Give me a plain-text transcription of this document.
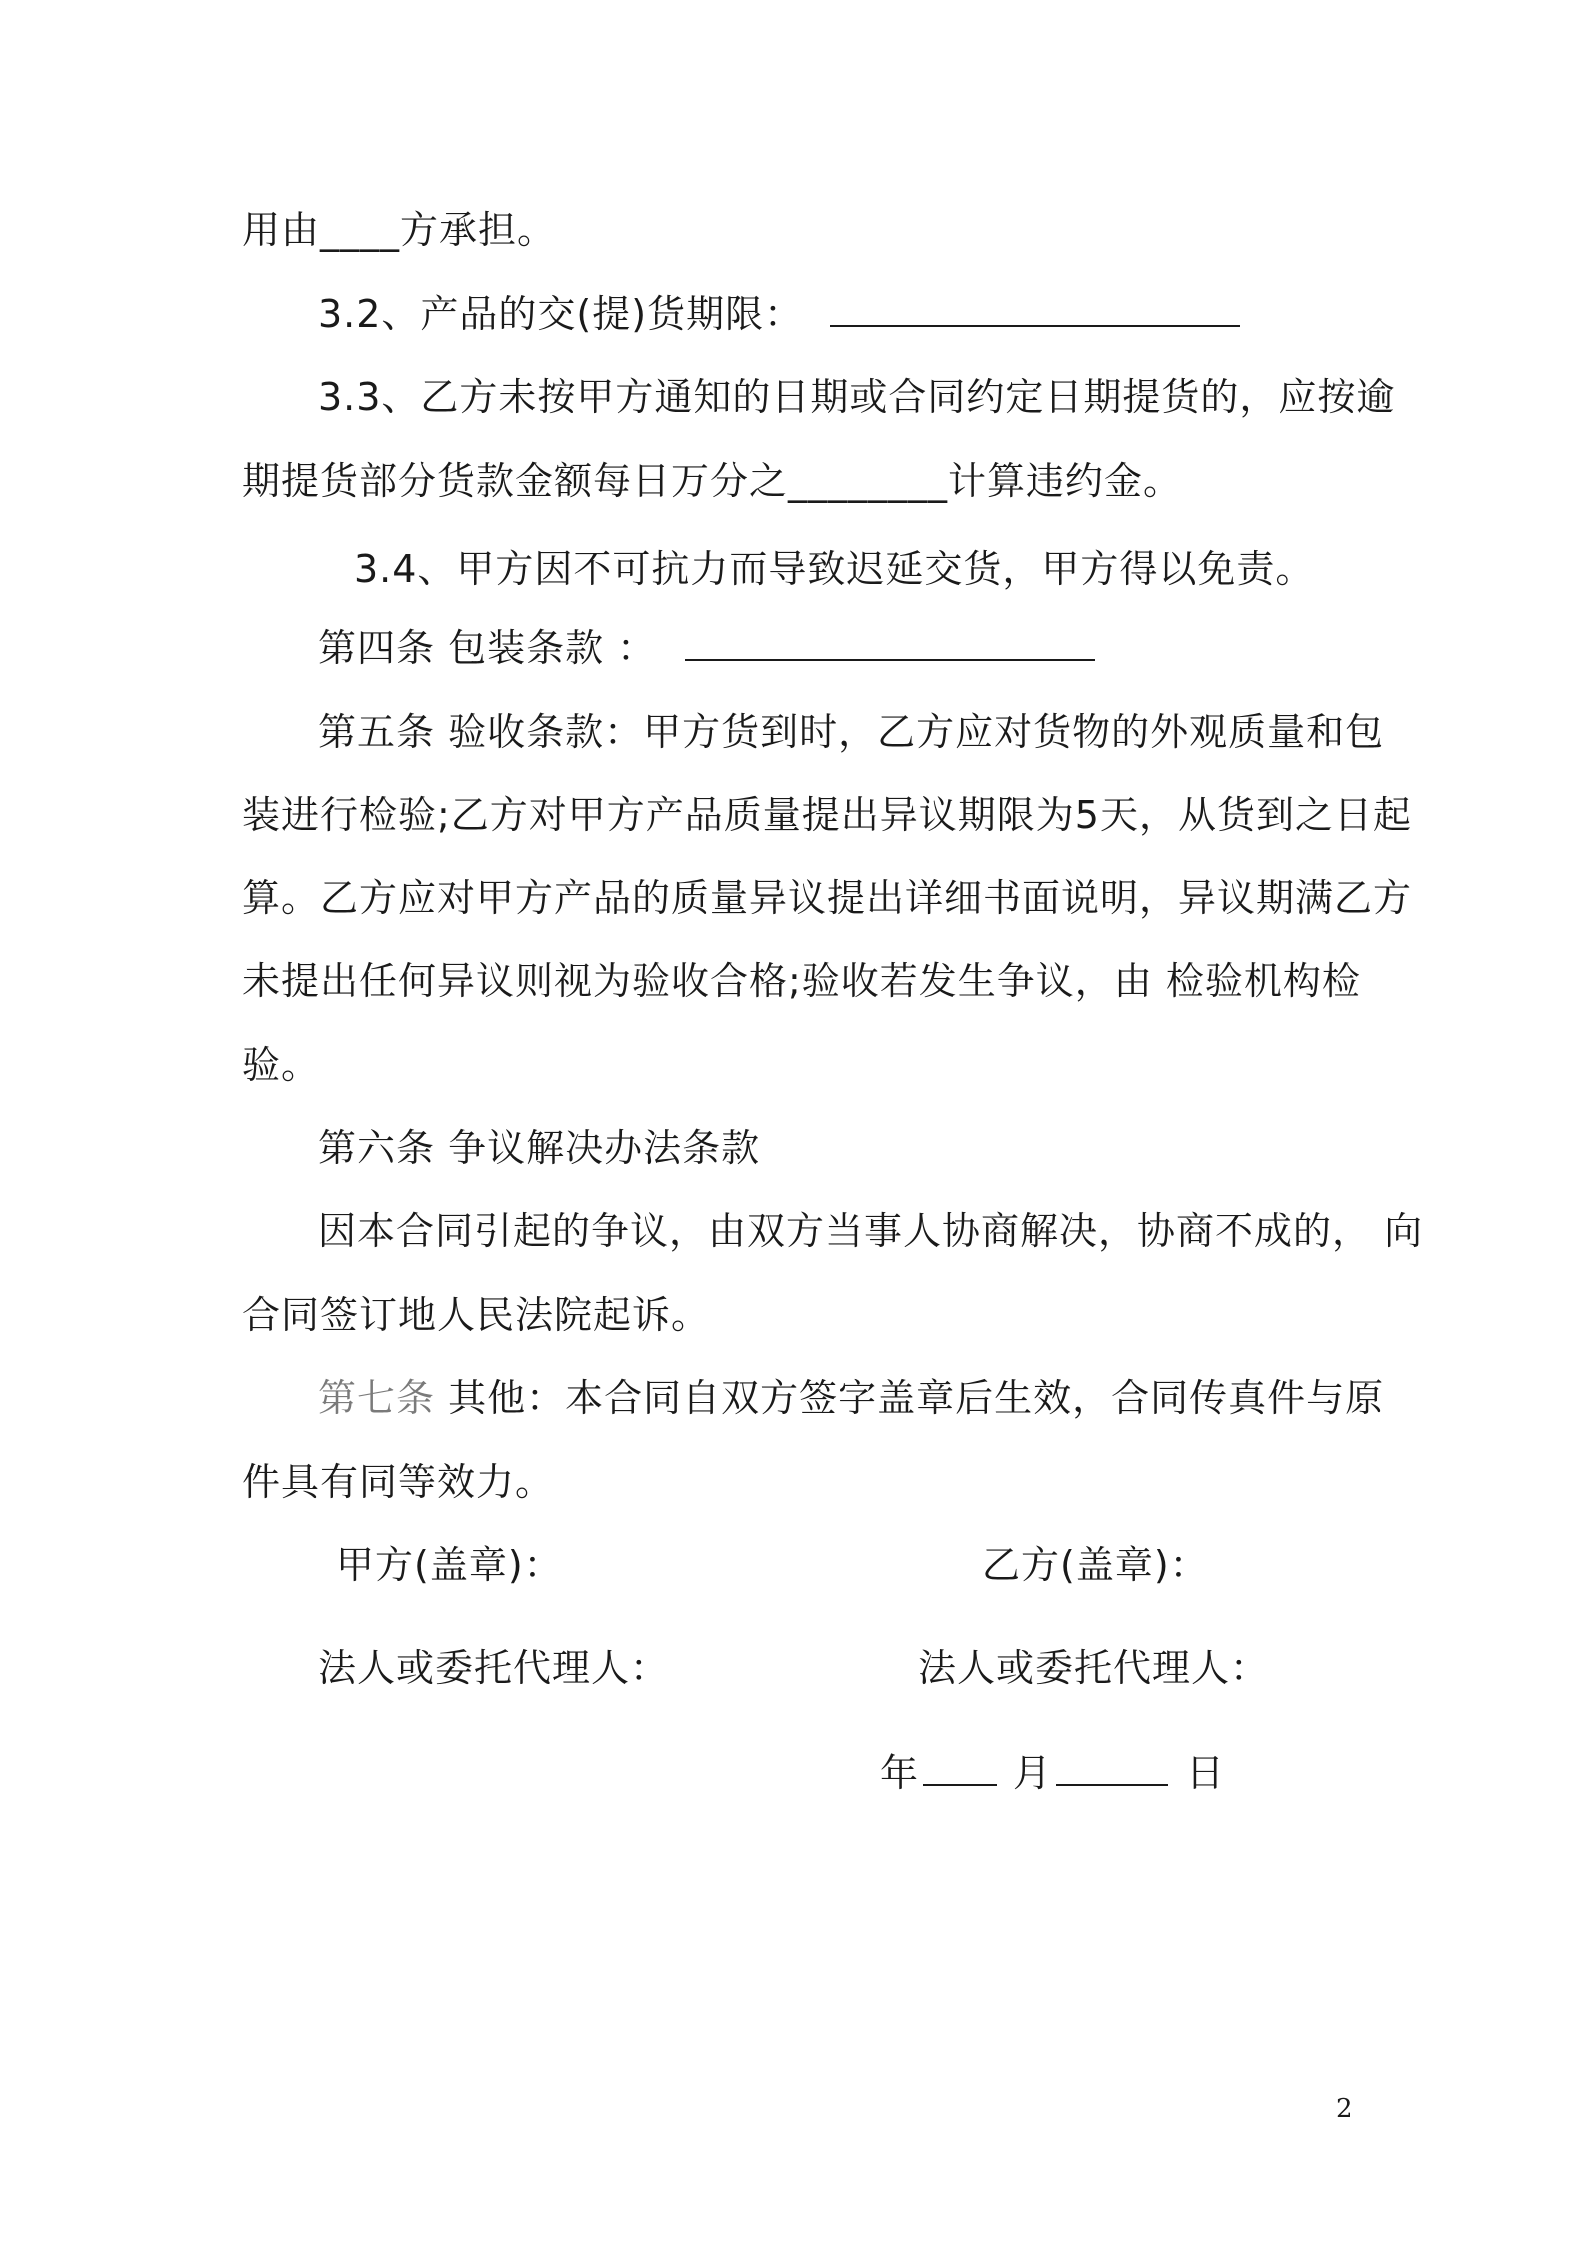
用由____方承担。
3.2、产品的交(提)货期限：
3.3、乙方未按甲方通知的日期或合同约定日期提货的，应按逾
期提货部分货款金额每日万分之________计算违约金。
3.4、甲方因不可抗力而导致迟延交货，甲方得以免责。
第四条 包装条款 ：
第五条 验收条款：甲方货到时，乙方应对货物的外观质量和包
装进行检验;乙方对甲方产品质量提出异议期限为5天，从货到之日起
算。乙方应对甲方产品的质量异议提出详细书面说明，异议期满乙方
未提出任何异议则视为验收合格;验收若发生争议，由 检验机构检
验。
第六条 争议解决办法条款
因本合同引起的争议，由双方当事人协商解决，协商不成的， 向
合同签订地人民法院起诉。
第七条 其他：本合同自双方签字盖章后生效，合同传真件与原
件具有同等效力。
甲方(盖章)：	乙方(盖章)：
法人或委托代理人：	法人或委托代理人：
年 月	日
2
